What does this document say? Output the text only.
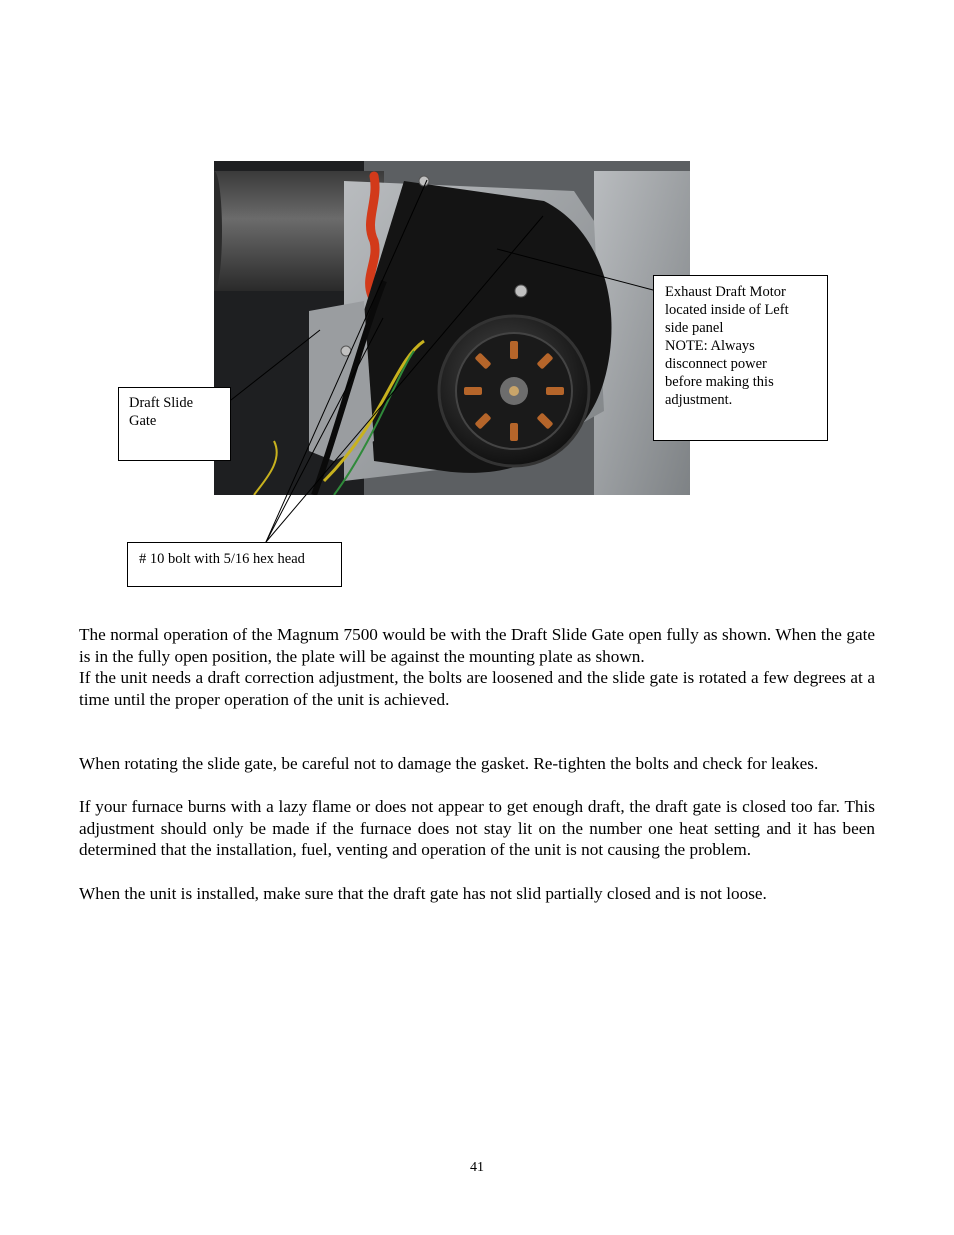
Draft Slide
Gate
Exhaust Draft Motor
located inside of Left
side panel
NOTE: Always
disconnect power
before making this
adjustment.
# 10 bolt with 5/16 hex head

The normal operation of the Magnum 7500 would be with the Draft Slide Gate open fully as shown. When the gate is in the fully open position, the plate will be against the mounting plate as shown.

If the unit needs a draft correction adjustment, the bolts are loosened and the slide gate is rotated a few degrees at a time until the proper operation of the unit is achieved.

When rotating the slide gate, be careful not to damage the gasket. Re-tighten the bolts and check for leakes.

If your furnace burns with a lazy flame or does not appear to get enough draft, the draft gate is closed too far. This adjustment should only be made if the furnace does not stay lit on the number one heat setting and it has been determined that the installation, fuel, venting and operation of the unit is not causing the problem.

When the unit is installed, make sure that the draft gate has not slid partially closed and is not loose.

41
